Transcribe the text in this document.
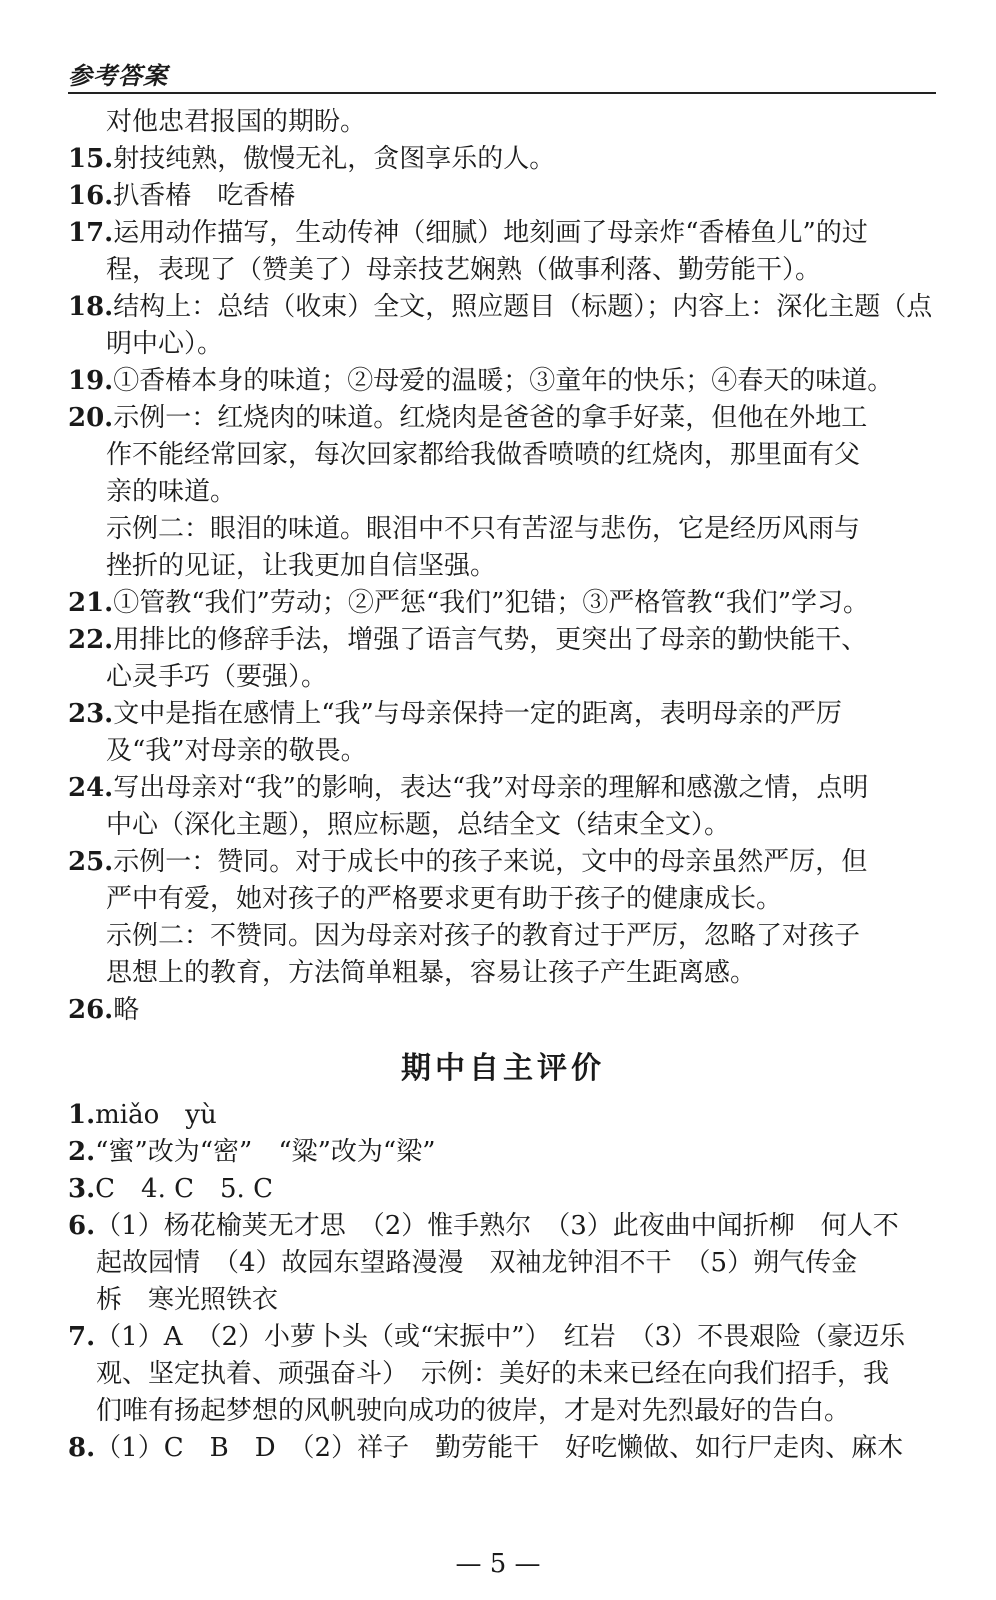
参考答案
对他忠君报国的期盼。
15.射技纯熟，傲慢无礼，贪图享乐的人。
16.扒香椿　吃香椿
17.运用动作描写，生动传神（细腻）地刻画了母亲炸“香椿鱼儿”的过
程，表现了（赞美了）母亲技艺娴熟（做事利落、勤劳能干）。
18.结构上：总结（收束）全文，照应题目（标题）；内容上：深化主题（点
明中心）。
19.①香椿本身的味道；②母爱的温暖；③童年的快乐；④春天的味道。
20.示例一：红烧肉的味道。红烧肉是爸爸的拿手好菜，但他在外地工
作不能经常回家，每次回家都给我做香喷喷的红烧肉，那里面有父
亲的味道。
示例二：眼泪的味道。眼泪中不只有苦涩与悲伤，它是经历风雨与
挫折的见证，让我更加自信坚强。
21.①管教“我们”劳动；②严惩“我们”犯错；③严格管教“我们”学习。
22.用排比的修辞手法，增强了语言气势，更突出了母亲的勤快能干、
心灵手巧（要强）。
23.文中是指在感情上“我”与母亲保持一定的距离，表明母亲的严厉
及“我”对母亲的敬畏。
24.写出母亲对“我”的影响，表达“我”对母亲的理解和感激之情，点明
中心（深化主题），照应标题，总结全文（结束全文）。
25.示例一：赞同。对于成长中的孩子来说，文中的母亲虽然严厉，但
严中有爱，她对孩子的严格要求更有助于孩子的健康成长。
示例二：不赞同。因为母亲对孩子的教育过于严厉，忽略了对孩子
思想上的教育，方法简单粗暴，容易让孩子产生距离感。
26.略
期中自主评价
1.miǎo　yù
2.“蜜”改为“密”　“粱”改为“梁”
3.C　4. C　5. C
6.（1）杨花榆荚无才思　（2）惟手熟尔　（3）此夜曲中闻折柳　何人不
起故园情　（4）故园东望路漫漫　双袖龙钟泪不干　（5）朔气传金
柝　寒光照铁衣
7.（1）A　（2）小萝卜头（或“宋振中”）　红岩　（3）不畏艰险（豪迈乐
观、坚定执着、顽强奋斗）　示例：美好的未来已经在向我们招手，我
们唯有扬起梦想的风帆驶向成功的彼岸，才是对先烈最好的告白。
8.（1）C　B　D　（2）祥子　勤劳能干　好吃懒做、如行尸走肉、麻木
— 5 —
